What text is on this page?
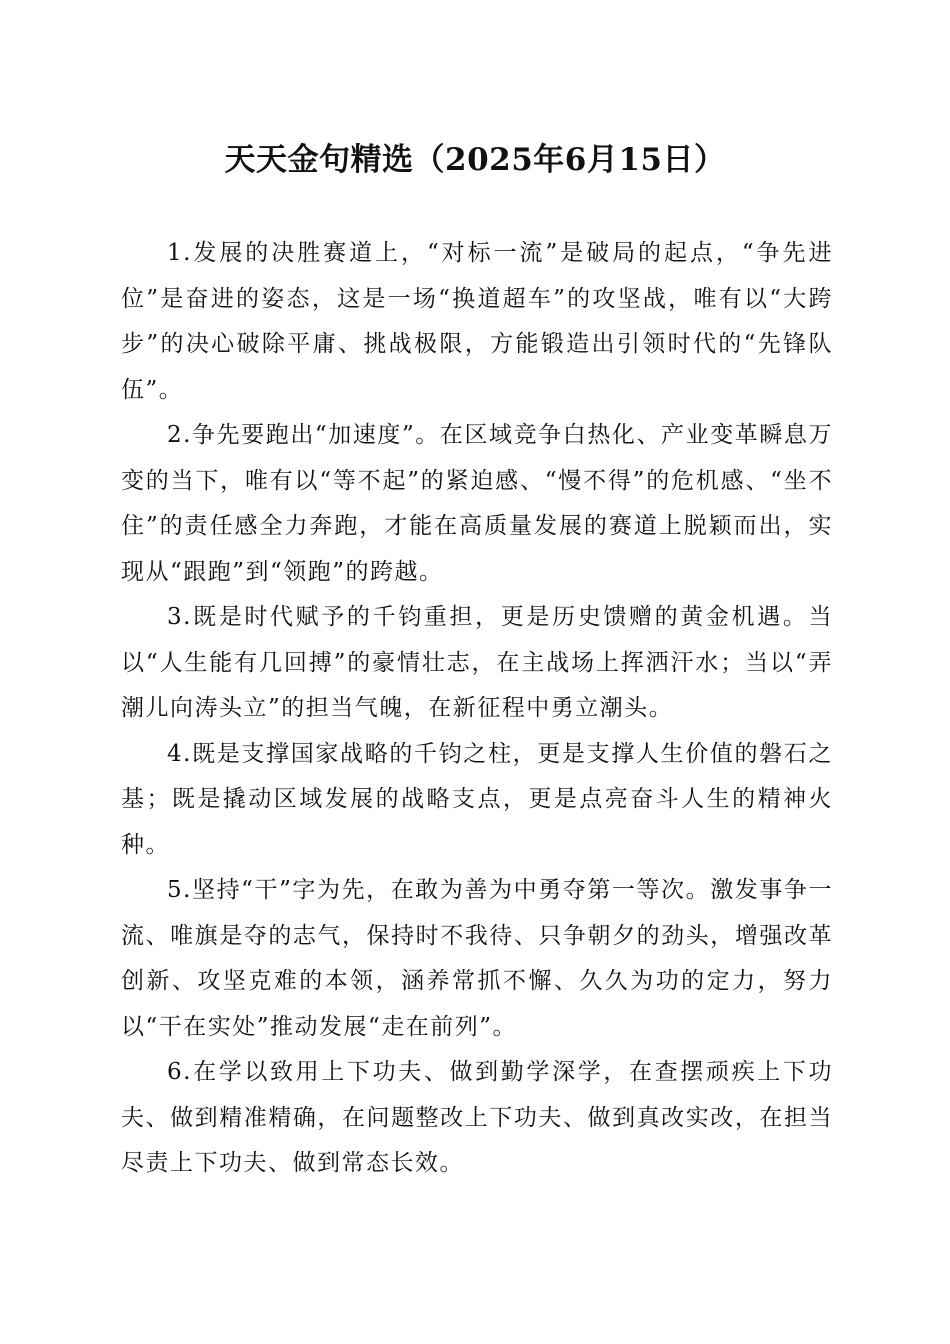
天天金句精选（2025年6月15日）

1.发展的决胜赛道上，“对标一流”是破局的起点，“争先进位”是奋进的姿态，这是一场“换道超车”的攻坚战，唯有以“大跨步”的决心破除平庸、挑战极限，方能锻造出引领时代的“先锋队伍”。

2.争先要跑出“加速度”。在区域竞争白热化、产业变革瞬息万变的当下，唯有以“等不起”的紧迫感、“慢不得”的危机感、“坐不住”的责任感全力奔跑，才能在高质量发展的赛道上脱颖而出，实现从“跟跑”到“领跑”的跨越。

3.既是时代赋予的千钧重担，更是历史馈赠的黄金机遇。当以“人生能有几回搏”的豪情壮志，在主战场上挥洒汗水；当以“弄潮儿向涛头立”的担当气魄，在新征程中勇立潮头。

4.既是支撑国家战略的千钧之柱，更是支撑人生价值的磐石之基；既是撬动区域发展的战略支点，更是点亮奋斗人生的精神火种。

5.坚持“干”字为先，在敢为善为中勇夺第一等次。激发事争一流、唯旗是夺的志气，保持时不我待、只争朝夕的劲头，增强改革创新、攻坚克难的本领，涵养常抓不懈、久久为功的定力，努力以“干在实处”推动发展“走在前列”。

6.在学以致用上下功夫、做到勤学深学，在查摆顽疾上下功夫、做到精准精确，在问题整改上下功夫、做到真改实改，在担当尽责上下功夫、做到常态长效。
